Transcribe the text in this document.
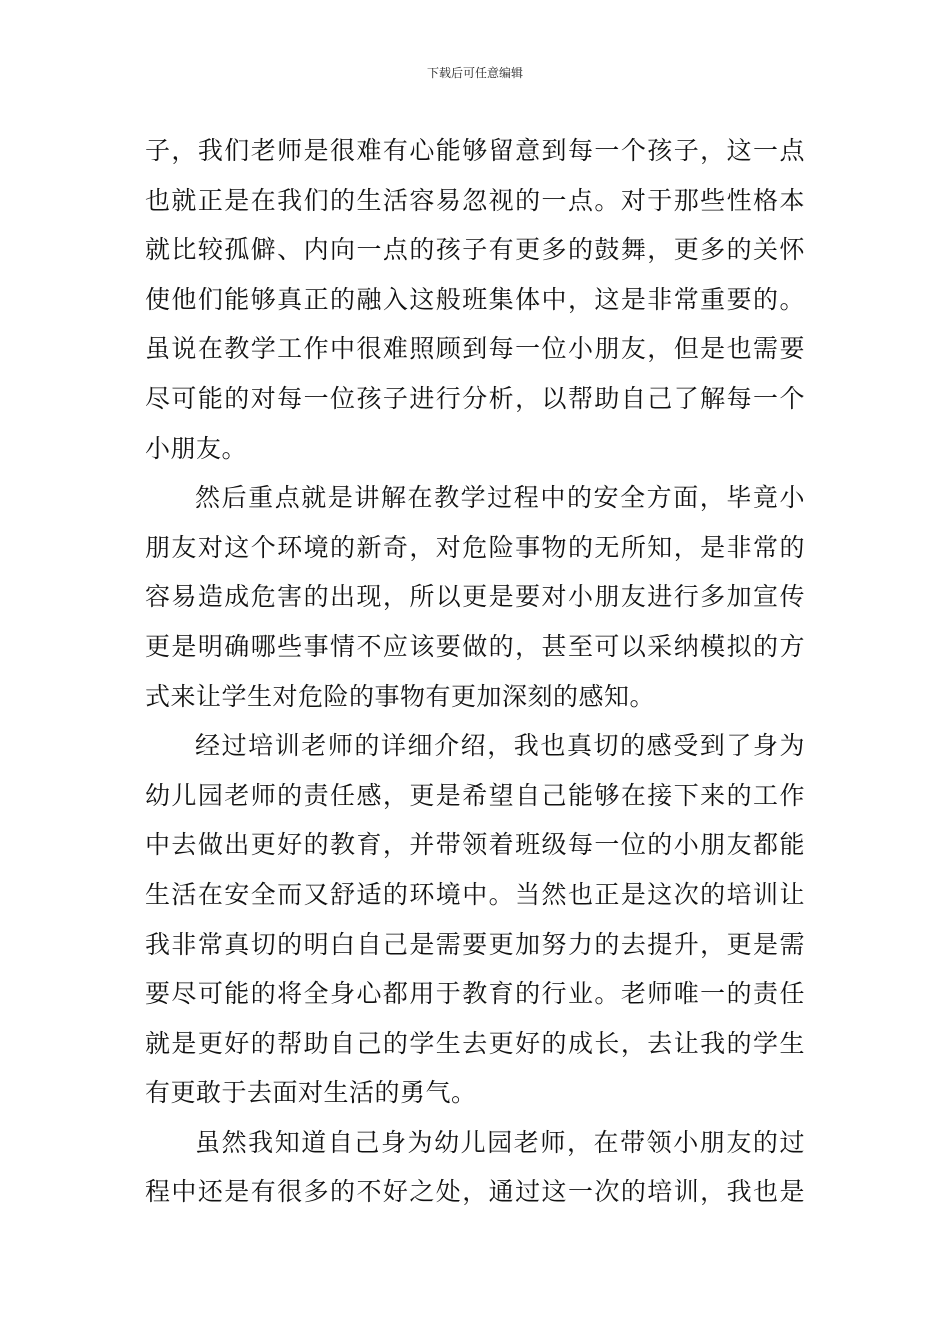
下载后可任意编辑
子，我们老师是很难有心能够留意到每一个孩子，这一点
也就正是在我们的生活容易忽视的一点。对于那些性格本
就比较孤僻、内向一点的孩子有更多的鼓舞，更多的关怀
使他们能够真正的融入这般班集体中，这是非常重要的。
虽说在教学工作中很难照顾到每一位小朋友，但是也需要
尽可能的对每一位孩子进行分析，以帮助自己了解每一个
小朋友。
然后重点就是讲解在教学过程中的安全方面，毕竟小
朋友对这个环境的新奇，对危险事物的无所知，是非常的
容易造成危害的出现，所以更是要对小朋友进行多加宣传
更是明确哪些事情不应该要做的，甚至可以采纳模拟的方
式来让学生对危险的事物有更加深刻的感知。
经过培训老师的详细介绍，我也真切的感受到了身为
幼儿园老师的责任感，更是希望自己能够在接下来的工作
中去做出更好的教育，并带领着班级每一位的小朋友都能
生活在安全而又舒适的环境中。当然也正是这次的培训让
我非常真切的明白自己是需要更加努力的去提升，更是需
要尽可能的将全身心都用于教育的行业。老师唯一的责任
就是更好的帮助自己的学生去更好的成长，去让我的学生
有更敢于去面对生活的勇气。
虽然我知道自己身为幼儿园老师，在带领小朋友的过
程中还是有很多的不好之处，通过这一次的培训，我也是
